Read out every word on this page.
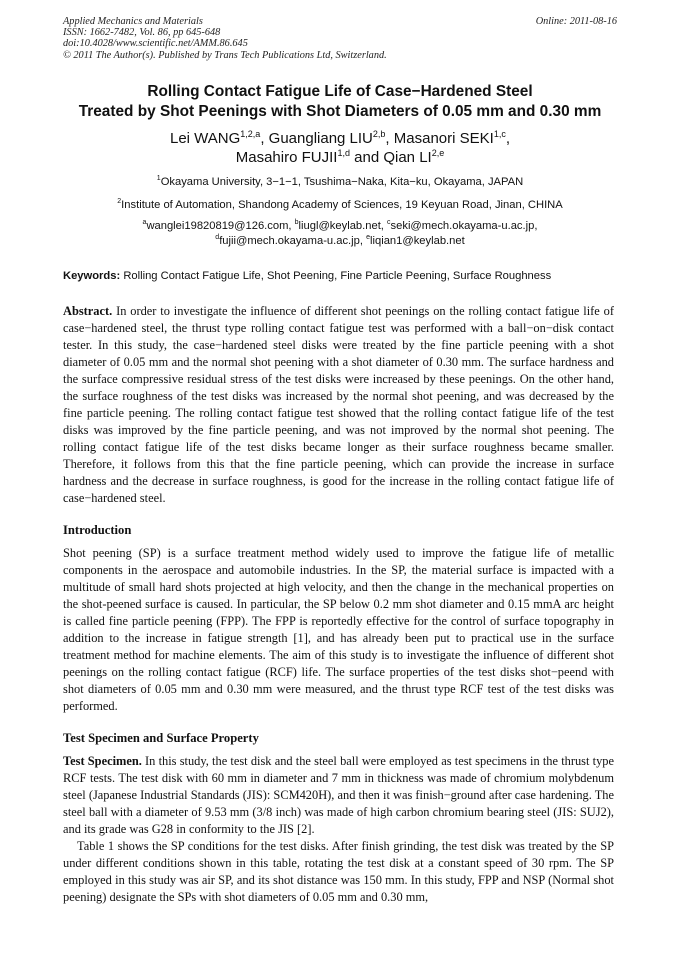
Applied Mechanics and Materials
ISSN: 1662-7482, Vol. 86, pp 645-648
doi:10.4028/www.scientific.net/AMM.86.645
© 2011 The Author(s). Published by Trans Tech Publications Ltd, Switzerland.
Online: 2011-08-16
Rolling Contact Fatigue Life of Case−Hardened Steel
Treated by Shot Peenings with Shot Diameters of 0.05 mm and 0.30 mm
Lei WANG$^{1,2,a}$, Guangliang LIU$^{2,b}$, Masanori SEKI$^{1,c}$,
Masahiro FUJII$^{1,d}$ and Qian LI$^{2,e}$
$^1$Okayama University, 3−1−1, Tsushima−Naka, Kita−ku, Okayama, JAPAN
$^2$Institute of Automation, Shandong Academy of Sciences, 19 Keyuan Road, Jinan, CHINA
$^a$wanglei19820819@126.com, $^b$liugl@keylab.net, $^c$seki@mech.okayama-u.ac.jp,
$^d$fujii@mech.okayama-u.ac.jp, $^e$liqian1@keylab.net
Keywords: Rolling Contact Fatigue Life, Shot Peening, Fine Particle Peening, Surface Roughness

Abstract. In order to investigate the influence of different shot peenings on the rolling contact fatigue life of case−hardened steel, the thrust type rolling contact fatigue test was performed with a ball−on−disk contact tester. In this study, the case−hardened steel disks were treated by the fine particle peening with a shot diameter of 0.05 mm and the normal shot peening with a shot diameter of 0.30 mm. The surface hardness and the surface compressive residual stress of the test disks were increased by these peenings. On the other hand, the surface roughness of the test disks was increased by the normal shot peening, and was decreased by the fine particle peening. The rolling contact fatigue test showed that the rolling contact fatigue life of the test disks was improved by the fine particle peening, and was not improved by the normal shot peening. The rolling contact fatigue life of the test disks became longer as their surface roughness became smaller. Therefore, it follows from this that the fine particle peening, which can provide the increase in surface hardness and the decrease in surface roughness, is good for the increase in the rolling contact fatigue life of case−hardened steel.

Introduction

Shot peening (SP) is a surface treatment method widely used to improve the fatigue life of metallic components in the aerospace and automobile industries. In the SP, the material surface is impacted with a multitude of small hard shots projected at high velocity, and then the change in the mechanical properties on the shot-peened surface is caused. In particular, the SP below 0.2 mm shot diameter and 0.15 mmA arc height is called fine particle peening (FPP). The FPP is reportedly effective for the control of surface topography in addition to the increase in fatigue strength [1], and has already been put to practical use in the surface treatment method for machine elements. The aim of this study is to investigate the influence of different shot peenings on the rolling contact fatigue (RCF) life. The surface properties of the test disks shot−peend with shot diameters of 0.05 mm and 0.30 mm were measured, and the thrust type RCF test of the test disks was performed.

Test Specimen and Surface Property

Test Specimen. In this study, the test disk and the steel ball were employed as test specimens in the thrust type RCF tests. The test disk with 60 mm in diameter and 7 mm in thickness was made of chromium molybdenum steel (Japanese Industrial Standards (JIS): SCM420H), and then it was finish−ground after case hardening. The steel ball with a diameter of 9.53 mm (3/8 inch) was made of high carbon chromium bearing steel (JIS: SUJ2), and its grade was G28 in conformity to the JIS [2].

Table 1 shows the SP conditions for the test disks. After finish grinding, the test disk was treated by the SP under different conditions shown in this table, rotating the test disk at a constant speed of 30 rpm. The SP employed in this study was air SP, and its shot distance was 150 mm. In this study, FPP and NSP (Normal shot peening) designate the SPs with shot diameters of 0.05 mm and 0.30 mm,
